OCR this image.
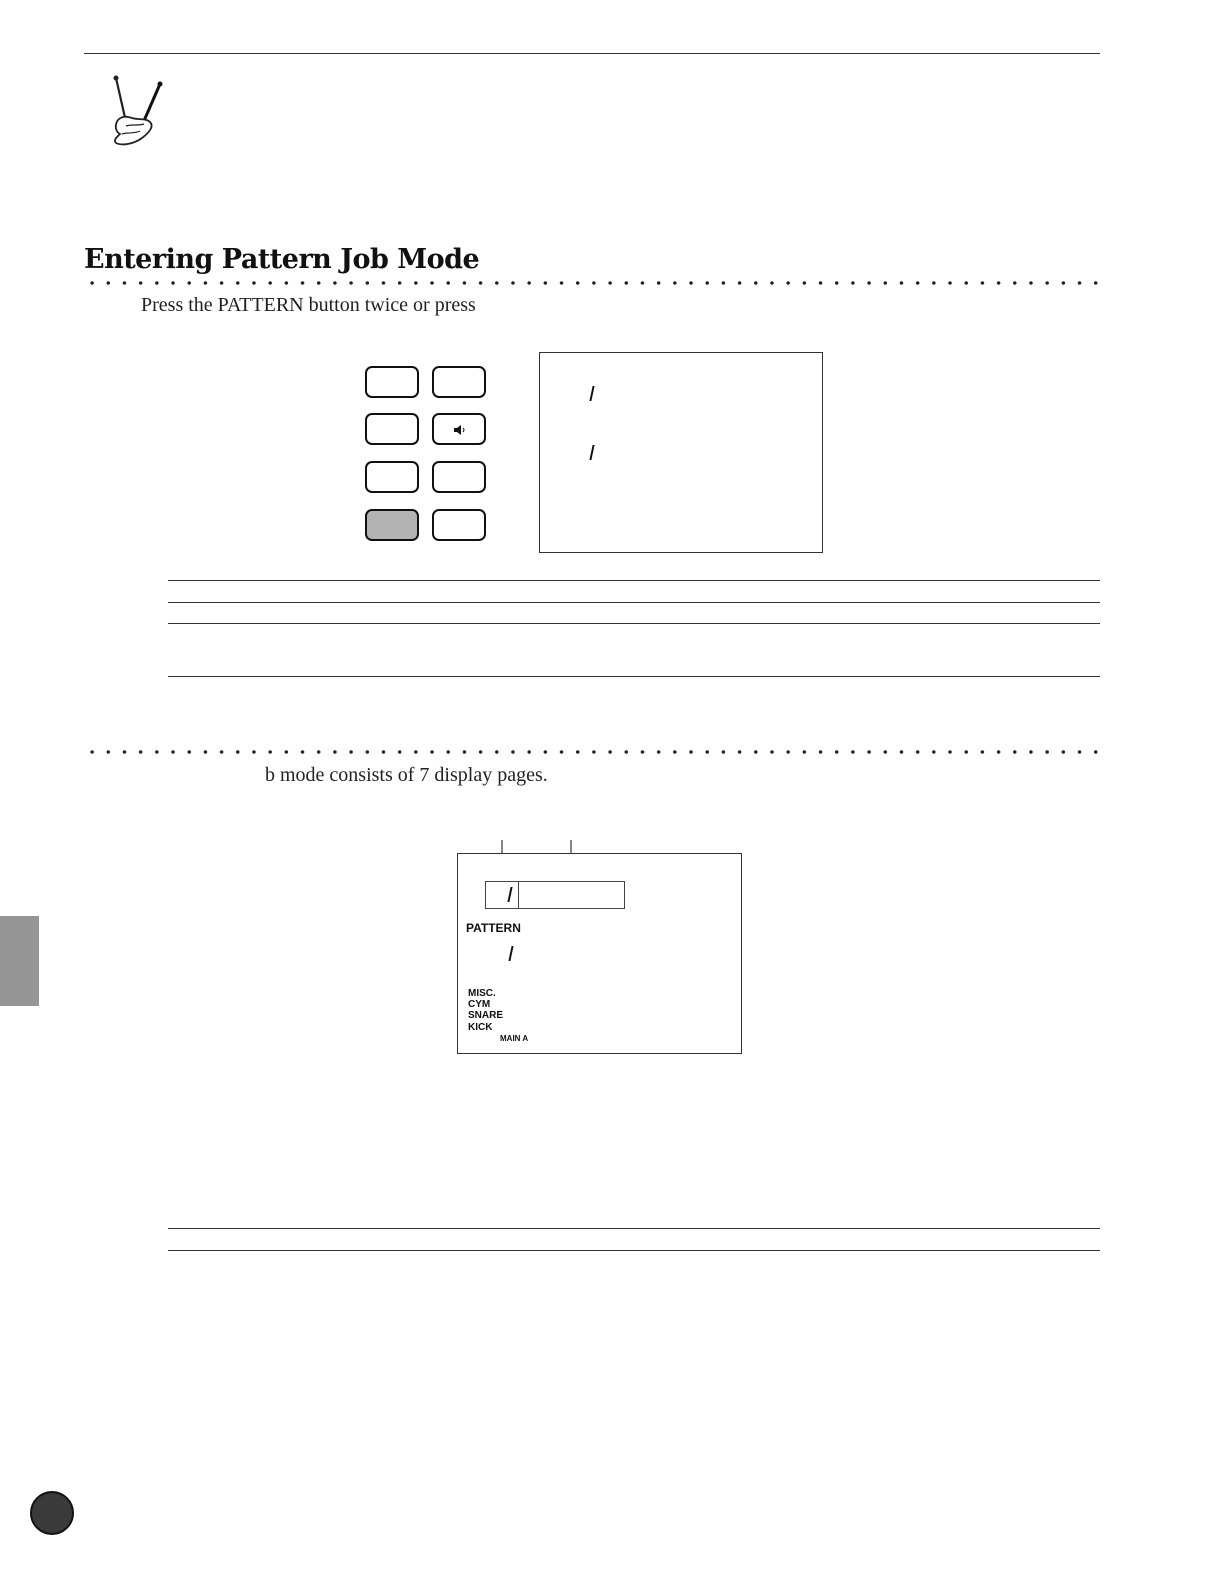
Entering Pattern Job Mode
Press the PATTERN button twice or press
b mode consists of 7 display pages.
PATTERN
MISC.
CYM
SNARE
KICK
MAIN A
